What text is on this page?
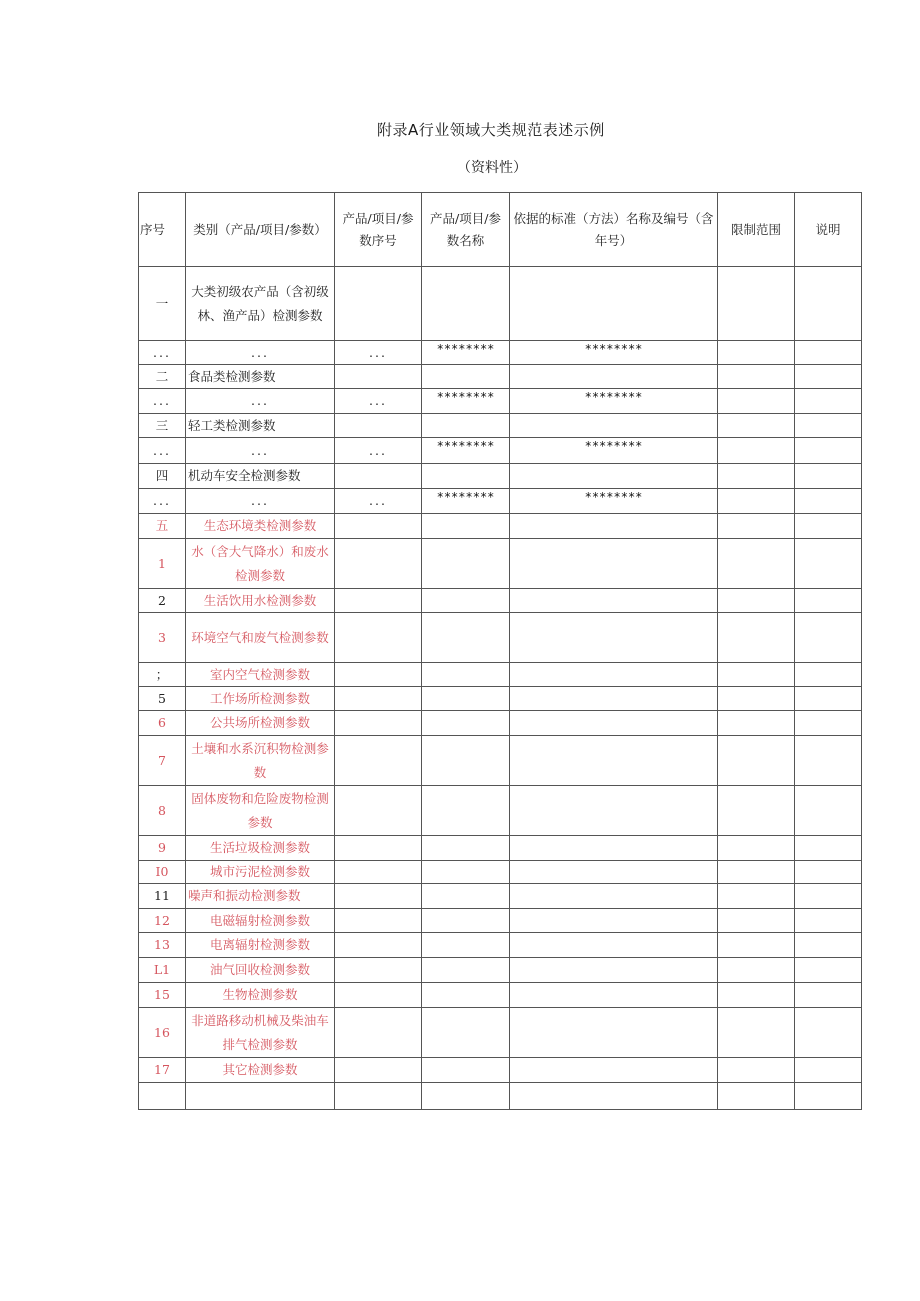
附录A行业领域大类规范表述示例
（资料性）
序号	类别（产品/项目/参数）	产品/项目/参数序号	产品/项目/参数名称	依据的标准（方法）名称及编号（含年号）	限制范围	说明
一	大类初级农产品（含初级林、渔产品）检测参数					
...	...	...	********	********		
二	食品类检测参数					
...	...	...	********	********		
三	轻工类检测参数					
...	...	...	********	********		
四	机动车安全检测参数					
...	...	...	********	********		
五	生态环境类检测参数					
1	水（含大气降水）和废水检测参数					
2	生活饮用水检测参数					
3	环境空气和废气检测参数					
；	室内空气检测参数					
5	工作场所检测参数					
6	公共场所检测参数					
7	土壤和水系沉积物检测参数					
8	固体废物和危险废物检测参数					
9	生活垃圾检测参数					
I0	城市污泥检测参数					
11	噪声和振动检测参数					
12	电磁辐射检测参数					
13	电离辐射检测参数					
L1	油气回收检测参数					
15	生物检测参数					
16	非道路移动机械及柴油车排气检测参数					
17	其它检测参数					
